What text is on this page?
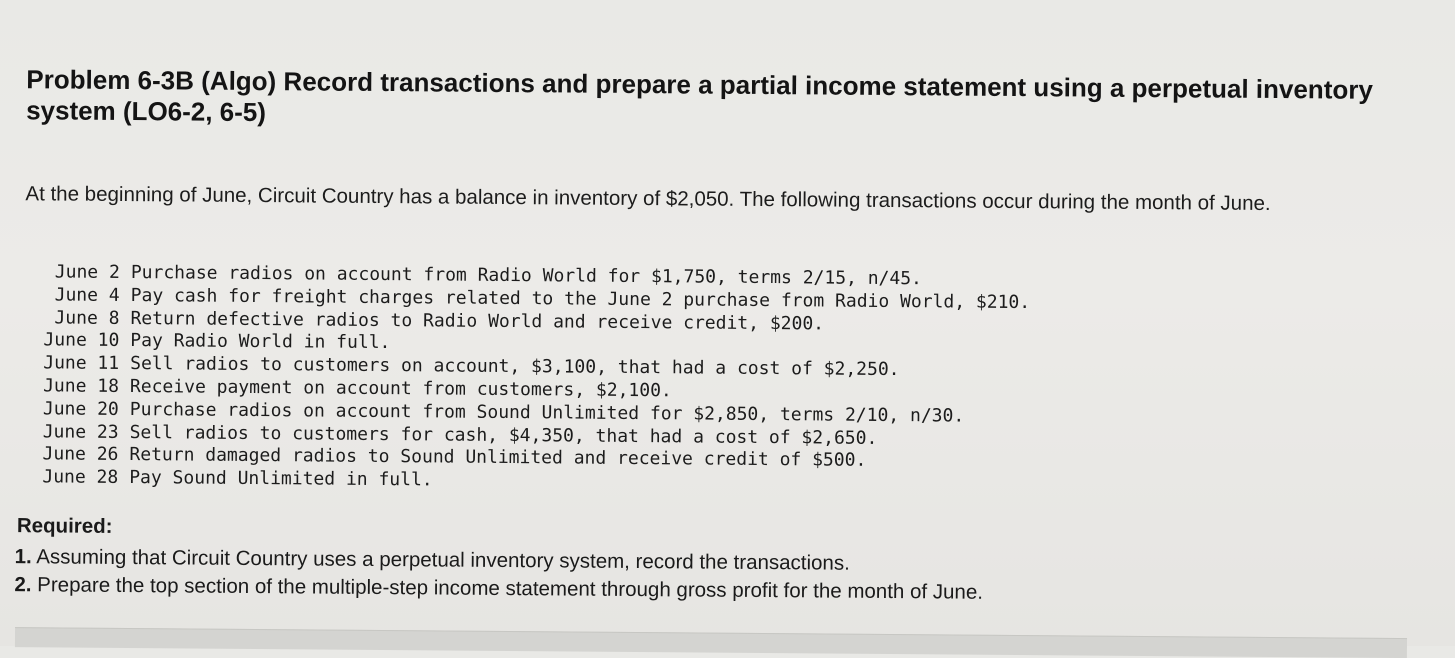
Problem 6-3B (Algo) Record transactions and prepare a partial income statement using a perpetual inventory system (LO6-2, 6-5)

At the beginning of June, Circuit Country has a balance in inventory of $2,050. The following transactions occur during the month of June.

June 2 Purchase radios on account from Radio World for $1,750, terms 2/15, n/45.
June 4 Pay cash for freight charges related to the June 2 purchase from Radio World, $210.
June 8 Return defective radios to Radio World and receive credit, $200.
June 10 Pay Radio World in full.
June 11 Sell radios to customers on account, $3,100, that had a cost of $2,250.
June 18 Receive payment on account from customers, $2,100.
June 20 Purchase radios on account from Sound Unlimited for $2,850, terms 2/10, n/30.
June 23 Sell radios to customers for cash, $4,350, that had a cost of $2,650.
June 26 Return damaged radios to Sound Unlimited and receive credit of $500.
June 28 Pay Sound Unlimited in full.
Required:
1. Assuming that Circuit Country uses a perpetual inventory system, record the transactions.
2. Prepare the top section of the multiple-step income statement through gross profit for the month of June.
